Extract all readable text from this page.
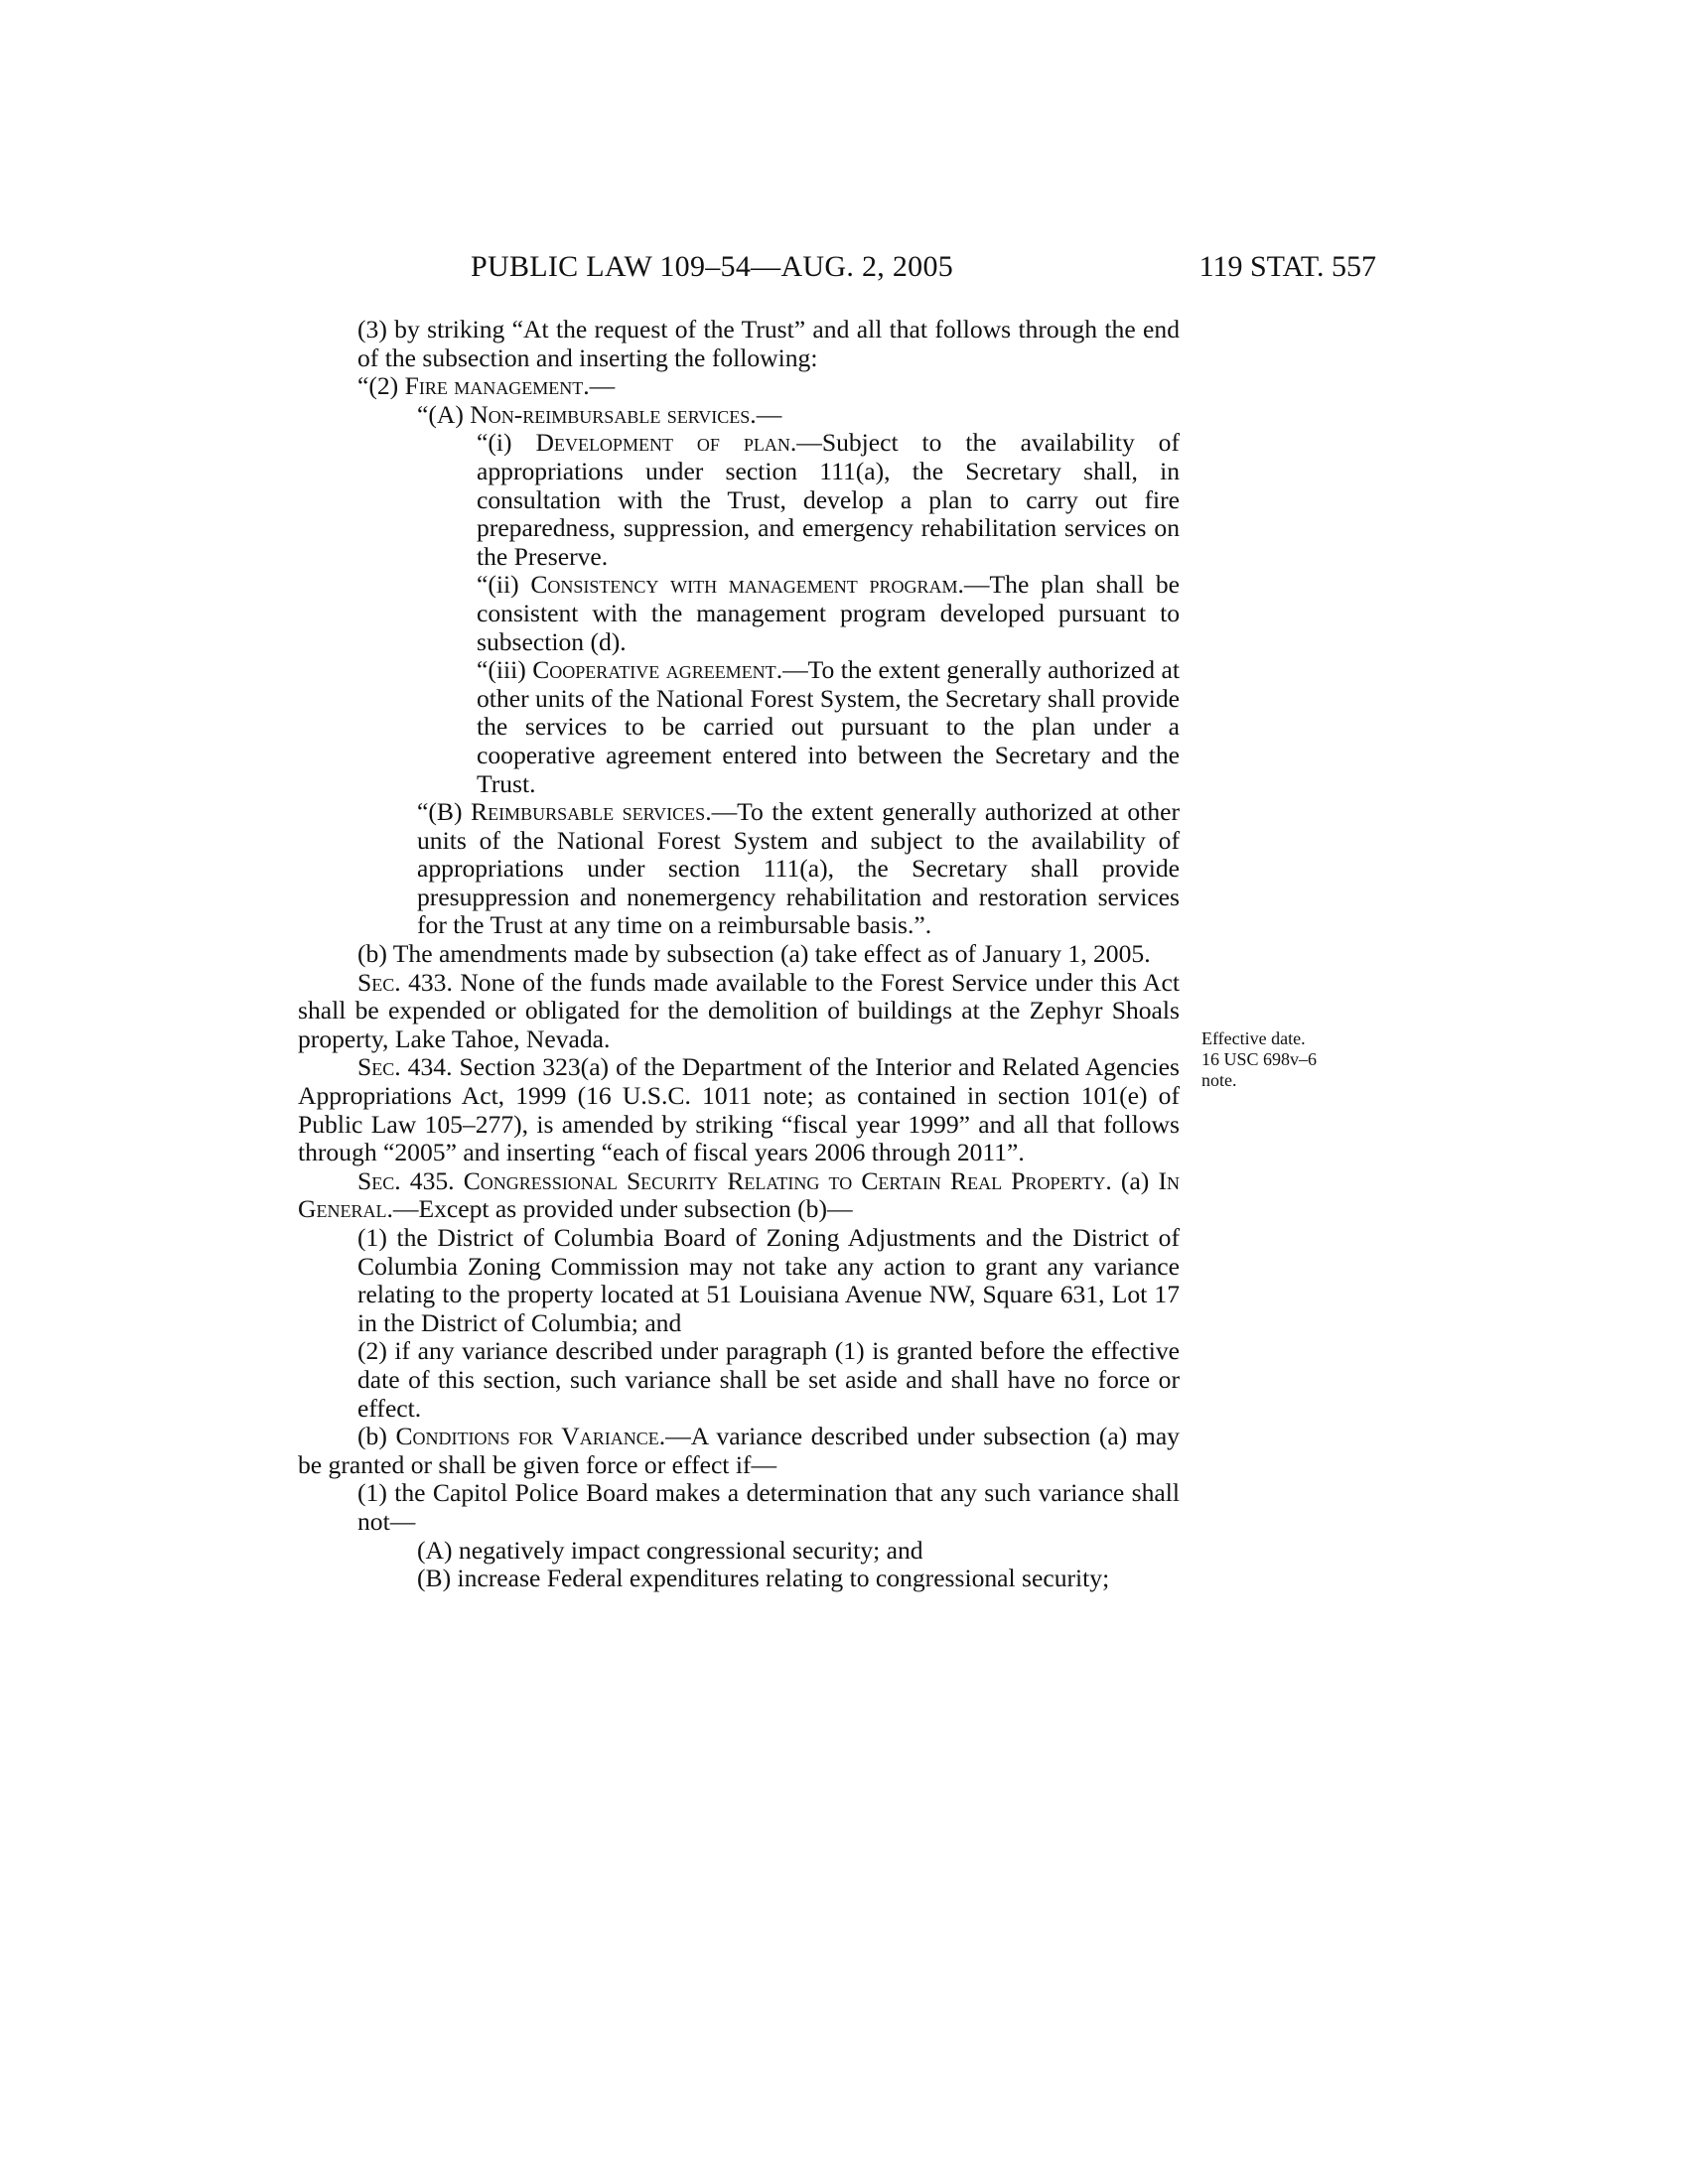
PUBLIC LAW 109–54—AUG. 2, 2005	119 STAT. 557
Effective date.
16 USC 698v–6
note.

(3) by striking “At the request of the Trust” and all that follows through the end of the subsection and inserting the following:

“(2) Fire management.—

“(A) Non-reimbursable services.—

“(i) Development of plan.—Subject to the availability of appropriations under section 111(a), the Secretary shall, in consultation with the Trust, develop a plan to carry out fire preparedness, suppression, and emergency rehabilitation services on the Preserve.

“(ii) Consistency with management program.—The plan shall be consistent with the management program developed pursuant to subsection (d).

“(iii) Cooperative agreement.—To the extent generally authorized at other units of the National Forest System, the Secretary shall provide the services to be carried out pursuant to the plan under a cooperative agreement entered into between the Secretary and the Trust.

“(B) Reimbursable services.—To the extent generally authorized at other units of the National Forest System and subject to the availability of appropriations under section 111(a), the Secretary shall provide presuppression and nonemergency rehabilitation and restoration services for the Trust at any time on a reimbursable basis.”.

(b) The amendments made by subsection (a) take effect as of January 1, 2005.

Sec. 433. None of the funds made available to the Forest Service under this Act shall be expended or obligated for the demolition of buildings at the Zephyr Shoals property, Lake Tahoe, Nevada.

Sec. 434. Section 323(a) of the Department of the Interior and Related Agencies Appropriations Act, 1999 (16 U.S.C. 1011 note; as contained in section 101(e) of Public Law 105–277), is amended by striking “fiscal year 1999” and all that follows through “2005” and inserting “each of fiscal years 2006 through 2011”.

Sec. 435. Congressional Security Relating to Certain Real Property. (a) In General.—Except as provided under subsection (b)—

(1) the District of Columbia Board of Zoning Adjustments and the District of Columbia Zoning Commission may not take any action to grant any variance relating to the property located at 51 Louisiana Avenue NW, Square 631, Lot 17 in the District of Columbia; and

(2) if any variance described under paragraph (1) is granted before the effective date of this section, such variance shall be set aside and shall have no force or effect.

(b) Conditions for Variance.—A variance described under subsection (a) may be granted or shall be given force or effect if—

(1) the Capitol Police Board makes a determination that any such variance shall not—

(A) negatively impact congressional security; and

(B) increase Federal expenditures relating to congressional security;
